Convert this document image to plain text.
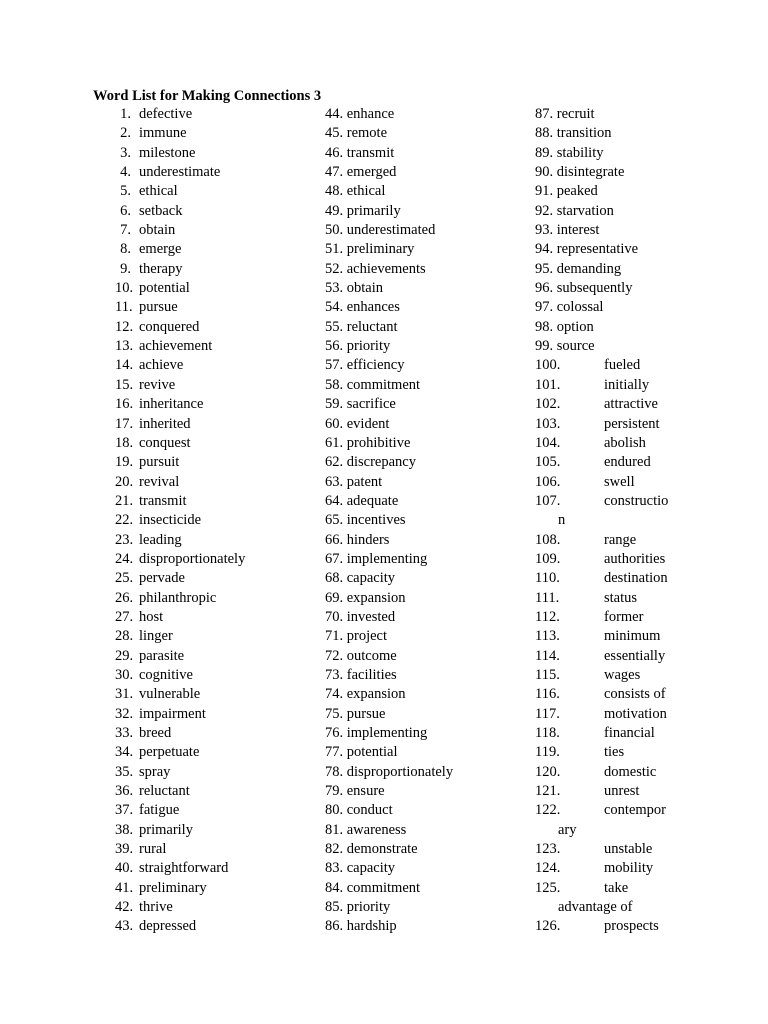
Word List for Making Connections 3
1. defective
2. immune
3. milestone
4. underestimate
5. ethical
6. setback
7. obtain
8. emerge
9. therapy
10. potential
11. pursue
12. conquered
13. achievement
14. achieve
15. revive
16. inheritance
17. inherited
18. conquest
19. pursuit
20. revival
21. transmit
22. insecticide
23. leading
24. disproportionately
25. pervade
26. philanthropic
27. host
28. linger
29. parasite
30. cognitive
31. vulnerable
32. impairment
33. breed
34. perpetuate
35. spray
36. reluctant
37. fatigue
38. primarily
39. rural
40. straightforward
41. preliminary
42. thrive
43. depressed
44. enhance
45. remote
46. transmit
47. emerged
48. ethical
49. primarily
50. underestimated
51. preliminary
52. achievements
53. obtain
54. enhances
55. reluctant
56. priority
57. efficiency
58. commitment
59. sacrifice
60. evident
61. prohibitive
62. discrepancy
63. patent
64. adequate
65. incentives
66. hinders
67. implementing
68. capacity
69. expansion
70. invested
71. project
72. outcome
73. facilities
74. expansion
75. pursue
76. implementing
77. potential
78. disproportionately
79. ensure
80. conduct
81. awareness
82. demonstrate
83. capacity
84. commitment
85. priority
86. hardship
87. recruit
88. transition
89. stability
90. disintegrate
91. peaked
92. starvation
93. interest
94. representative
95. demanding
96. subsequently
97. colossal
98. option
99. source
100.	fueled
101.	initially
102.	attractive
103.	persistent
104.	abolish
105.	endured
106.	swell
107.	constructio
n
108.	range
109.	authorities
110.	destination
111.	status
112.	former
113.	minimum
114.	essentially
115.	wages
116.	consists of
117.	motivation
118.	financial
119.	ties
120.	domestic
121.	unrest
122.	contempor
ary
123.	unstable
124.	mobility
125.	take
advantage of
126.	prospects
